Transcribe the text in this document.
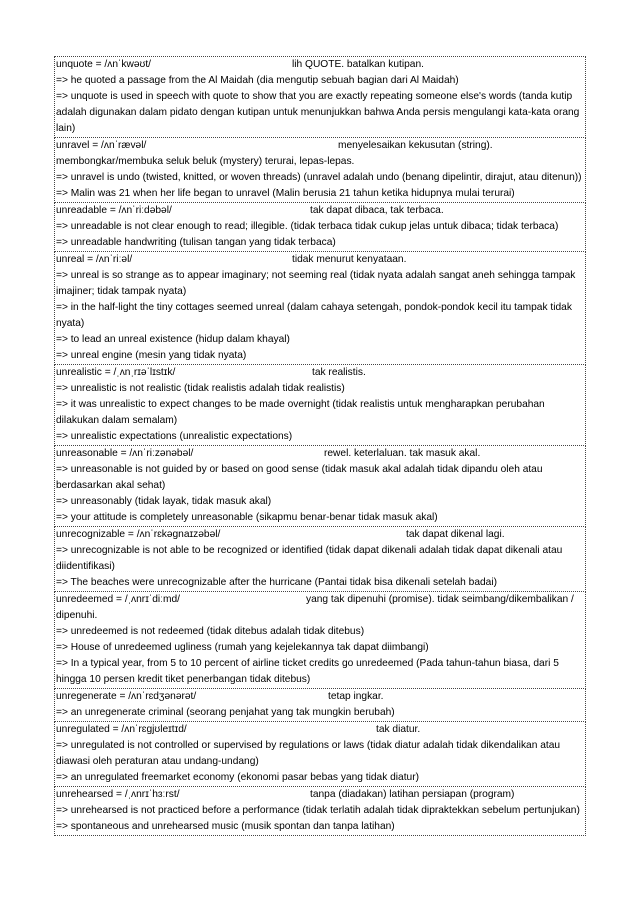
unquote = /ʌnˈkwəʊt/	lih QUOTE. batalkan kutipan.
=> he quoted a passage from the Al Maidah (dia mengutip sebuah bagian dari Al Maidah)
=> unquote is used in speech with quote to show that you are exactly repeating someone else's words (tanda kutip adalah digunakan dalam pidato dengan kutipan untuk menunjukkan bahwa Anda persis mengulangi kata-kata orang lain)
unravel = /ʌnˈrævəl/	menyelesaikan kekusutan (string). membongkar/membuka seluk beluk (mystery) terurai, lepas-lepas.
=> unravel is undo (twisted, knitted, or woven threads) (unravel adalah undo (benang dipelintir, dirajut, atau ditenun))
=> Malin was 21 when her life began to unravel (Malin berusia 21 tahun ketika hidupnya mulai terurai)
unreadable = /ʌnˈriːdəbəl/	tak dapat dibaca, tak terbaca.
=> unreadable is not clear enough to read; illegible. (tidak terbaca tidak cukup jelas untuk dibaca; tidak terbaca)
=> unreadable handwriting (tulisan tangan yang tidak terbaca)
unreal = /ʌnˈriːəl/	tidak menurut kenyataan.
=> unreal is so strange as to appear imaginary; not seeming real (tidak nyata adalah sangat aneh sehingga tampak imajiner; tidak tampak nyata)
=> in the half-light the tiny cottages seemed unreal (dalam cahaya setengah, pondok-pondok kecil itu tampak tidak nyata)
=> to lead an unreal existence (hidup dalam khayal)
=> unreal engine (mesin yang tidak nyata)
unrealistic = /ˌʌnˌrɪəˈlɪstɪk/	tak realistis.
=> unrealistic is not realistic (tidak realistis adalah tidak realistis)
=> it was unrealistic to expect changes to be made overnight (tidak realistis untuk mengharapkan perubahan dilakukan dalam semalam)
=> unrealistic expectations (unrealistic expectations)
unreasonable = /ʌnˈriːzənəbəl/	rewel. keterlaluan. tak masuk akal.
=> unreasonable is not guided by or based on good sense (tidak masuk akal adalah tidak dipandu oleh atau berdasarkan akal sehat)
=> unreasonably (tidak layak, tidak masuk akal)
=> your attitude is completely unreasonable (sikapmu benar-benar tidak masuk akal)
unrecognizable = /ʌnˈrɛkəgnaɪzəbəl/	tak dapat dikenal lagi.
=> unrecognizable is not able to be recognized or identified (tidak dapat dikenali adalah tidak dapat dikenali atau diidentifikasi)
=> The beaches were unrecognizable after the hurricane (Pantai tidak bisa dikenali setelah badai)
unredeemed = /ˌʌnrɪˈdiːmd/	yang tak dipenuhi (promise). tidak seimbang/dikembalikan / dipenuhi.
=> unredeemed is not redeemed (tidak ditebus adalah tidak ditebus)
=> House of unredeemed ugliness (rumah yang kejelekannya tak dapat diimbangi)
=> In a typical year, from 5 to 10 percent of airline ticket credits go unredeemed (Pada tahun-tahun biasa, dari 5 hingga 10 persen kredit tiket penerbangan tidak ditebus)
unregenerate = /ʌnˈrɛdʒənərət/	tetap ingkar.
=> an unregenerate criminal (seorang penjahat yang tak mungkin berubah)
unregulated = /ʌnˈrɛgjʊleɪtɪd/	tak diatur.
=> unregulated is not controlled or supervised by regulations or laws (tidak diatur adalah tidak dikendalikan atau diawasi oleh peraturan atau undang-undang)
=> an unregulated freemarket economy (ekonomi pasar bebas yang tidak diatur)
unrehearsed = /ˌʌnrɪˈhɜːrst/	tanpa (diadakan) latihan persiapan (program)
=> unrehearsed is not practiced before a performance (tidak terlatih adalah tidak dipraktekkan sebelum pertunjukan)
=> spontaneous and unrehearsed music (musik spontan dan tanpa latihan)
